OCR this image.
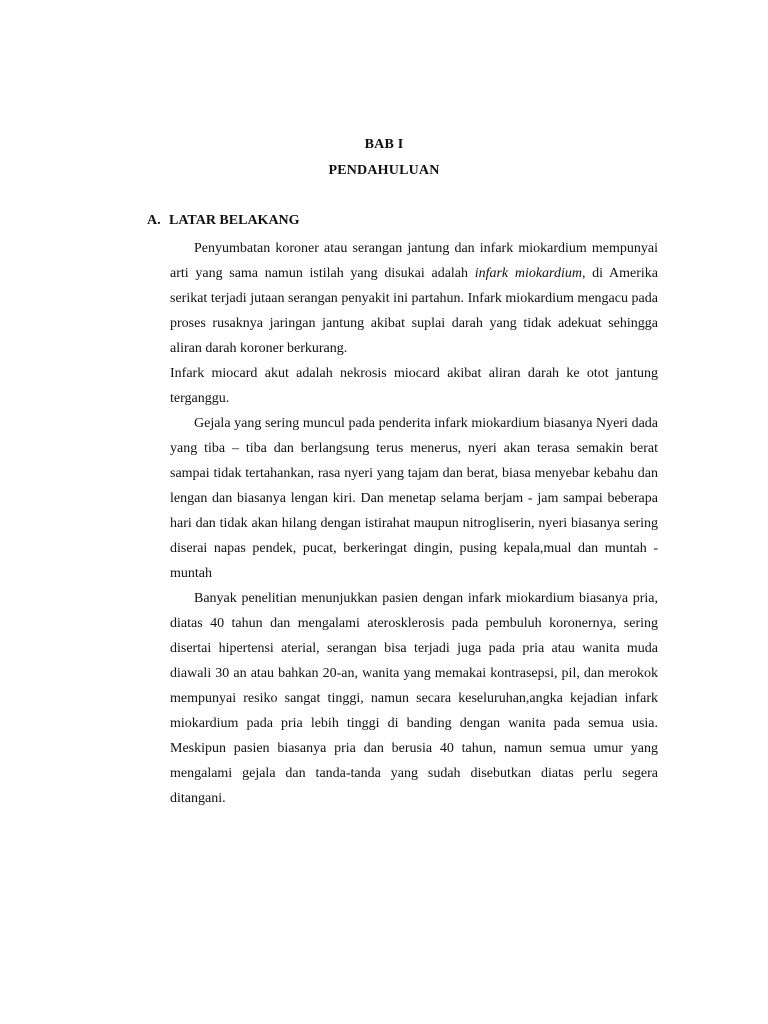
BAB I
PENDAHULUAN
A. LATAR BELAKANG

Penyumbatan koroner atau serangan jantung dan infark miokardium mempunyai arti yang sama namun istilah yang disukai adalah infark miokardium, di Amerika serikat terjadi jutaan serangan penyakit ini partahun. Infark miokardium mengacu pada proses rusaknya jaringan jantung akibat suplai darah yang tidak adekuat sehingga aliran darah koroner berkurang.

Infark miocard akut adalah nekrosis miocard akibat aliran darah ke otot jantung terganggu.

Gejala yang sering muncul pada penderita infark miokardium biasanya Nyeri dada yang tiba – tiba dan berlangsung terus menerus, nyeri akan terasa semakin berat sampai tidak tertahankan, rasa nyeri yang tajam dan berat, biasa menyebar kebahu dan lengan dan biasanya lengan kiri. Dan menetap selama berjam - jam sampai beberapa hari dan tidak akan hilang dengan istirahat maupun nitrogliserin, nyeri biasanya sering diserai napas pendek, pucat, berkeringat dingin, pusing kepala,mual dan muntah - muntah

Banyak penelitian menunjukkan pasien dengan infark miokardium biasanya pria, diatas 40 tahun dan mengalami aterosklerosis pada pembuluh koronernya, sering disertai hipertensi aterial, serangan bisa terjadi juga pada pria atau wanita muda diawali 30 an atau bahkan 20-an, wanita yang memakai kontrasepsi, pil, dan merokok mempunyai resiko sangat tinggi, namun secara keseluruhan,angka kejadian infark miokardium pada pria lebih tinggi di banding dengan wanita pada semua usia. Meskipun pasien biasanya pria dan berusia 40 tahun, namun semua umur yang mengalami gejala dan tanda-tanda yang sudah disebutkan diatas perlu segera ditangani.
